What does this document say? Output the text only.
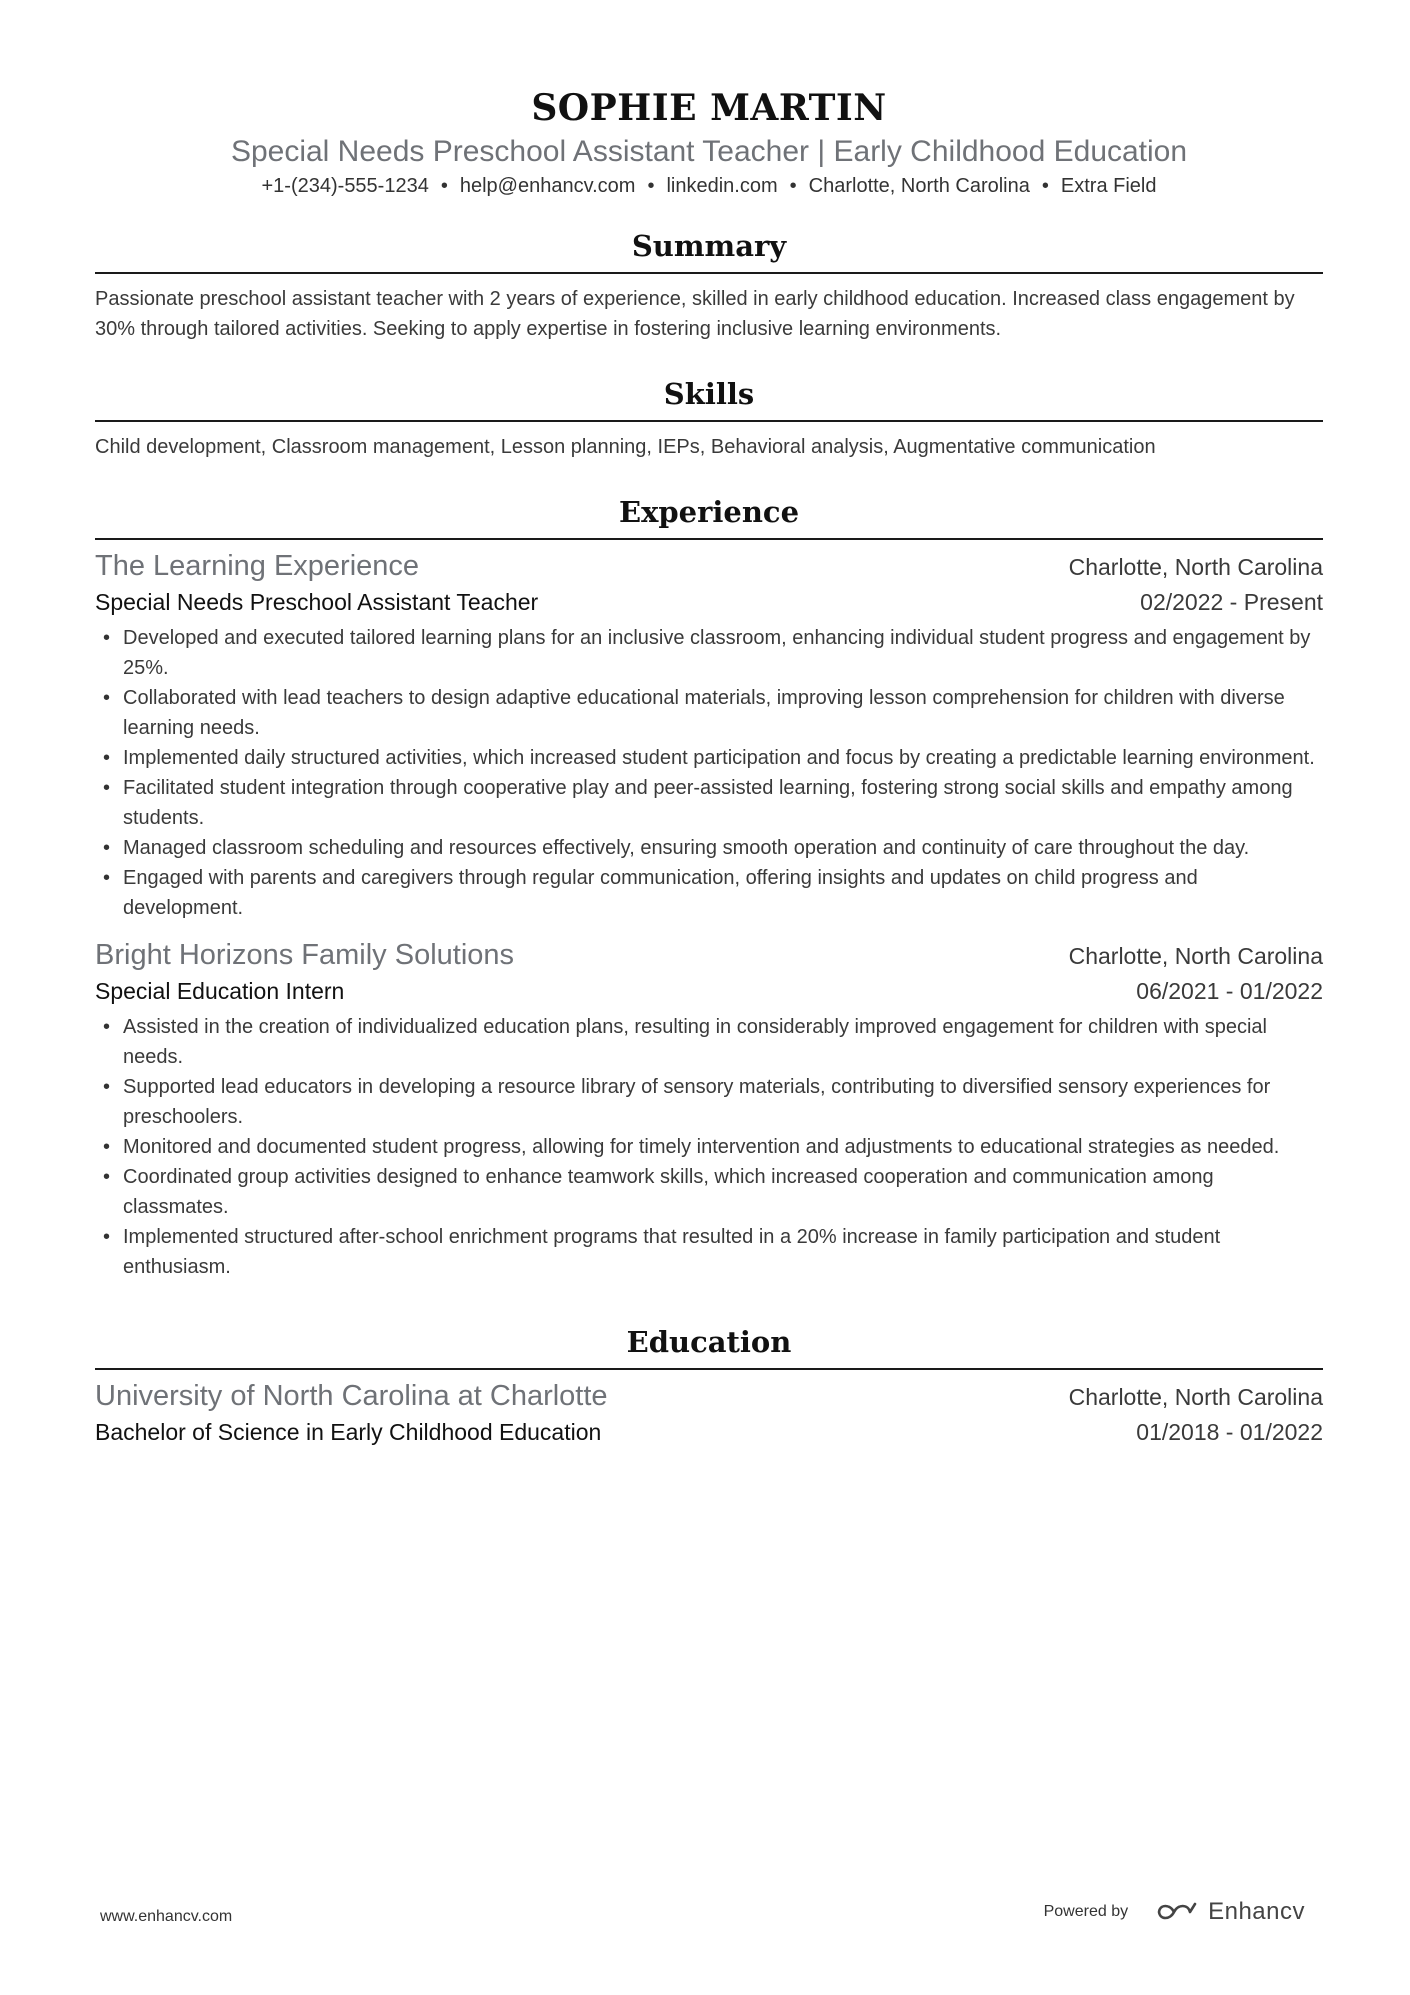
SOPHIE MARTIN
Special Needs Preschool Assistant Teacher | Early Childhood Education
+1-(234)-555-1234 • help@enhancv.com • linkedin.com • Charlotte, North Carolina • Extra Field
Summary
Passionate preschool assistant teacher with 2 years of experience, skilled in early childhood education. Increased class engagement by 30% through tailored activities. Seeking to apply expertise in fostering inclusive learning environments.
Skills
Child development, Classroom management, Lesson planning, IEPs, Behavioral analysis, Augmentative communication
Experience
The Learning Experience	Charlotte, North Carolina
Special Needs Preschool Assistant Teacher	02/2022 - Present
• Developed and executed tailored learning plans for an inclusive classroom, enhancing individual student progress and engagement by 25%.
• Collaborated with lead teachers to design adaptive educational materials, improving lesson comprehension for children with diverse learning needs.
• Implemented daily structured activities, which increased student participation and focus by creating a predictable learning environment.
• Facilitated student integration through cooperative play and peer-assisted learning, fostering strong social skills and empathy among students.
• Managed classroom scheduling and resources effectively, ensuring smooth operation and continuity of care throughout the day.
• Engaged with parents and caregivers through regular communication, offering insights and updates on child progress and development.
Bright Horizons Family Solutions	Charlotte, North Carolina
Special Education Intern	06/2021 - 01/2022
• Assisted in the creation of individualized education plans, resulting in considerably improved engagement for children with special needs.
• Supported lead educators in developing a resource library of sensory materials, contributing to diversified sensory experiences for preschoolers.
• Monitored and documented student progress, allowing for timely intervention and adjustments to educational strategies as needed.
• Coordinated group activities designed to enhance teamwork skills, which increased cooperation and communication among classmates.
• Implemented structured after-school enrichment programs that resulted in a 20% increase in family participation and student enthusiasm.
Education
University of North Carolina at Charlotte	Charlotte, North Carolina
Bachelor of Science in Early Childhood Education	01/2018 - 01/2022
www.enhancv.com	Powered by	Enhancv
